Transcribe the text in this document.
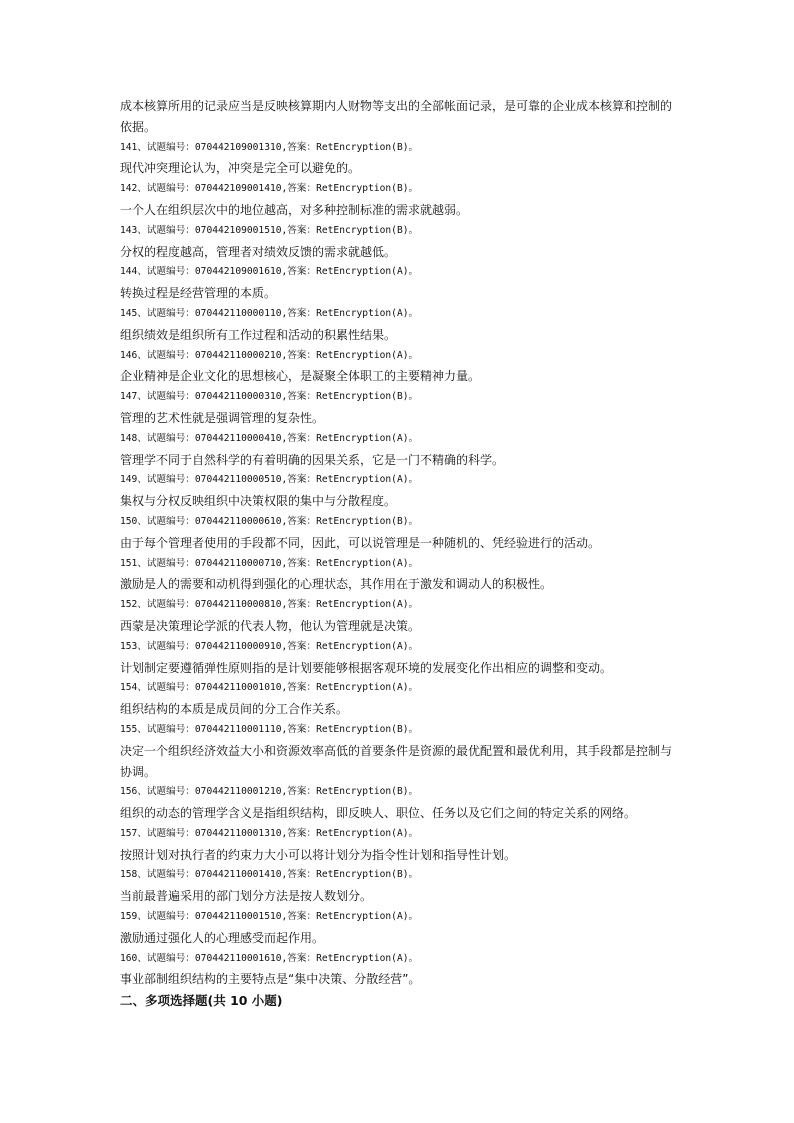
成本核算所用的记录应当是反映核算期内人财物等支出的全部帐面记录，是可靠的企业成本核算和控制的依据。
141、试题编号：070442109001310,答案：RetEncryption(B)。
现代冲突理论认为，冲突是完全可以避免的。
142、试题编号：070442109001410,答案：RetEncryption(B)。
一个人在组织层次中的地位越高，对多种控制标准的需求就越弱。
143、试题编号：070442109001510,答案：RetEncryption(B)。
分权的程度越高，管理者对绩效反馈的需求就越低。
144、试题编号：070442109001610,答案：RetEncryption(A)。
转换过程是经营管理的本质。
145、试题编号：070442110000110,答案：RetEncryption(A)。
组织绩效是组织所有工作过程和活动的积累性结果。
146、试题编号：070442110000210,答案：RetEncryption(A)。
企业精神是企业文化的思想核心，是凝聚全体职工的主要精神力量。
147、试题编号：070442110000310,答案：RetEncryption(B)。
管理的艺术性就是强调管理的复杂性。
148、试题编号：070442110000410,答案：RetEncryption(A)。
管理学不同于自然科学的有着明确的因果关系，它是一门不精确的科学。
149、试题编号：070442110000510,答案：RetEncryption(A)。
集权与分权反映组织中决策权限的集中与分散程度。
150、试题编号：070442110000610,答案：RetEncryption(B)。
由于每个管理者使用的手段都不同，因此，可以说管理是一种随机的、凭经验进行的活动。
151、试题编号：070442110000710,答案：RetEncryption(A)。
激励是人的需要和动机得到强化的心理状态，其作用在于激发和调动人的积极性。
152、试题编号：070442110000810,答案：RetEncryption(A)。
西蒙是决策理论学派的代表人物，他认为管理就是决策。
153、试题编号：070442110000910,答案：RetEncryption(A)。
计划制定要遵循弹性原则指的是计划要能够根据客观环境的发展变化作出相应的调整和变动。
154、试题编号：070442110001010,答案：RetEncryption(A)。
组织结构的本质是成员间的分工合作关系。
155、试题编号：070442110001110,答案：RetEncryption(B)。
决定一个组织经济效益大小和资源效率高低的首要条件是资源的最优配置和最优利用，其手段都是控制与协调。
156、试题编号：070442110001210,答案：RetEncryption(B)。
组织的动态的管理学含义是指组织结构，即反映人、职位、任务以及它们之间的特定关系的网络。
157、试题编号：070442110001310,答案：RetEncryption(A)。
按照计划对执行者的约束力大小可以将计划分为指令性计划和指导性计划。
158、试题编号：070442110001410,答案：RetEncryption(B)。
当前最普遍采用的部门划分方法是按人数划分。
159、试题编号：070442110001510,答案：RetEncryption(A)。
激励通过强化人的心理感受而起作用。
160、试题编号：070442110001610,答案：RetEncryption(A)。
事业部制组织结构的主要特点是“集中决策、分散经营”。
二、多项选择题(共 10 小题)
